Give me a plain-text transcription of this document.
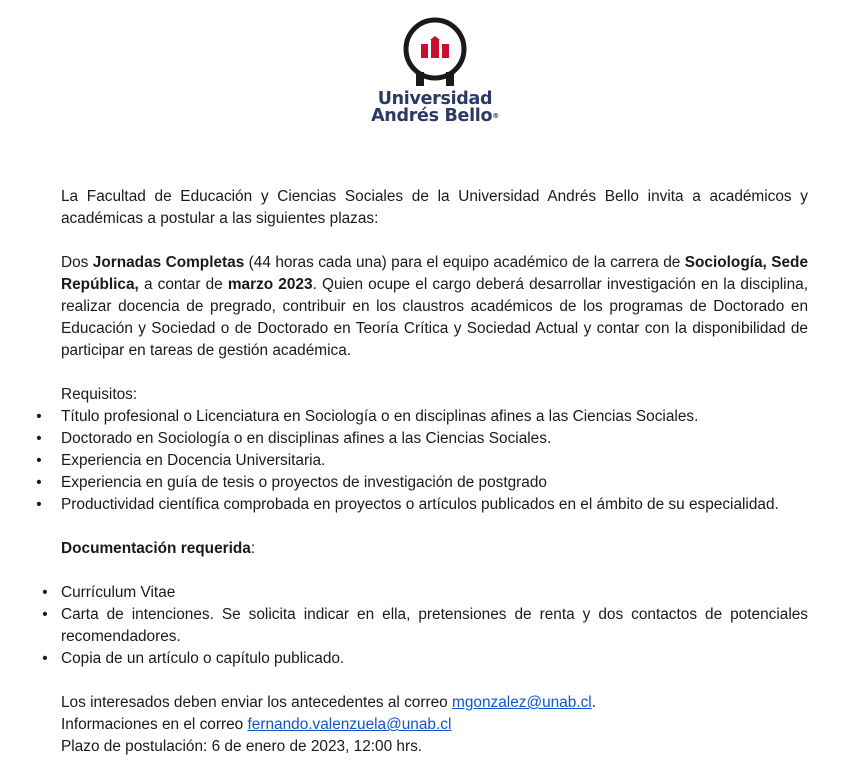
Universidad
Andrés Bello®

La Facultad de Educación y Ciencias Sociales de la Universidad Andrés Bello invita a académicos y académicas a postular a las siguientes plazas:

Dos Jornadas Completas (44 horas cada una) para el equipo académico de la carrera de Sociología, Sede República, a contar de marzo 2023. Quien ocupe el cargo deberá desarrollar investigación en la disciplina, realizar docencia de pregrado, contribuir en los claustros académicos de los programas de Doctorado en Educación y Sociedad o de Doctorado en Teoría Crítica y Sociedad Actual y contar con la disponibilidad de participar en tareas de gestión académica.

Requisitos:

• Título profesional o Licenciatura en Sociología o en disciplinas afines a las Ciencias Sociales.
• Doctorado en Sociología o en disciplinas afines a las Ciencias Sociales.
• Experiencia en Docencia Universitaria.
• Experiencia en guía de tesis o proyectos de investigación de postgrado
• Productividad científica comprobada en proyectos o artículos publicados en el ámbito de su especialidad.

Documentación requerida:

• Currículum Vitae
• Carta de intenciones. Se solicita indicar en ella, pretensiones de renta y dos contactos de potenciales recomendadores.
• Copia de un artículo o capítulo publicado.

Los interesados deben enviar los antecedentes al correo mgonzalez@unab.cl.

Informaciones en el correo fernando.valenzuela@unab.cl

Plazo de postulación: 6 de enero de 2023, 12:00 hrs.
